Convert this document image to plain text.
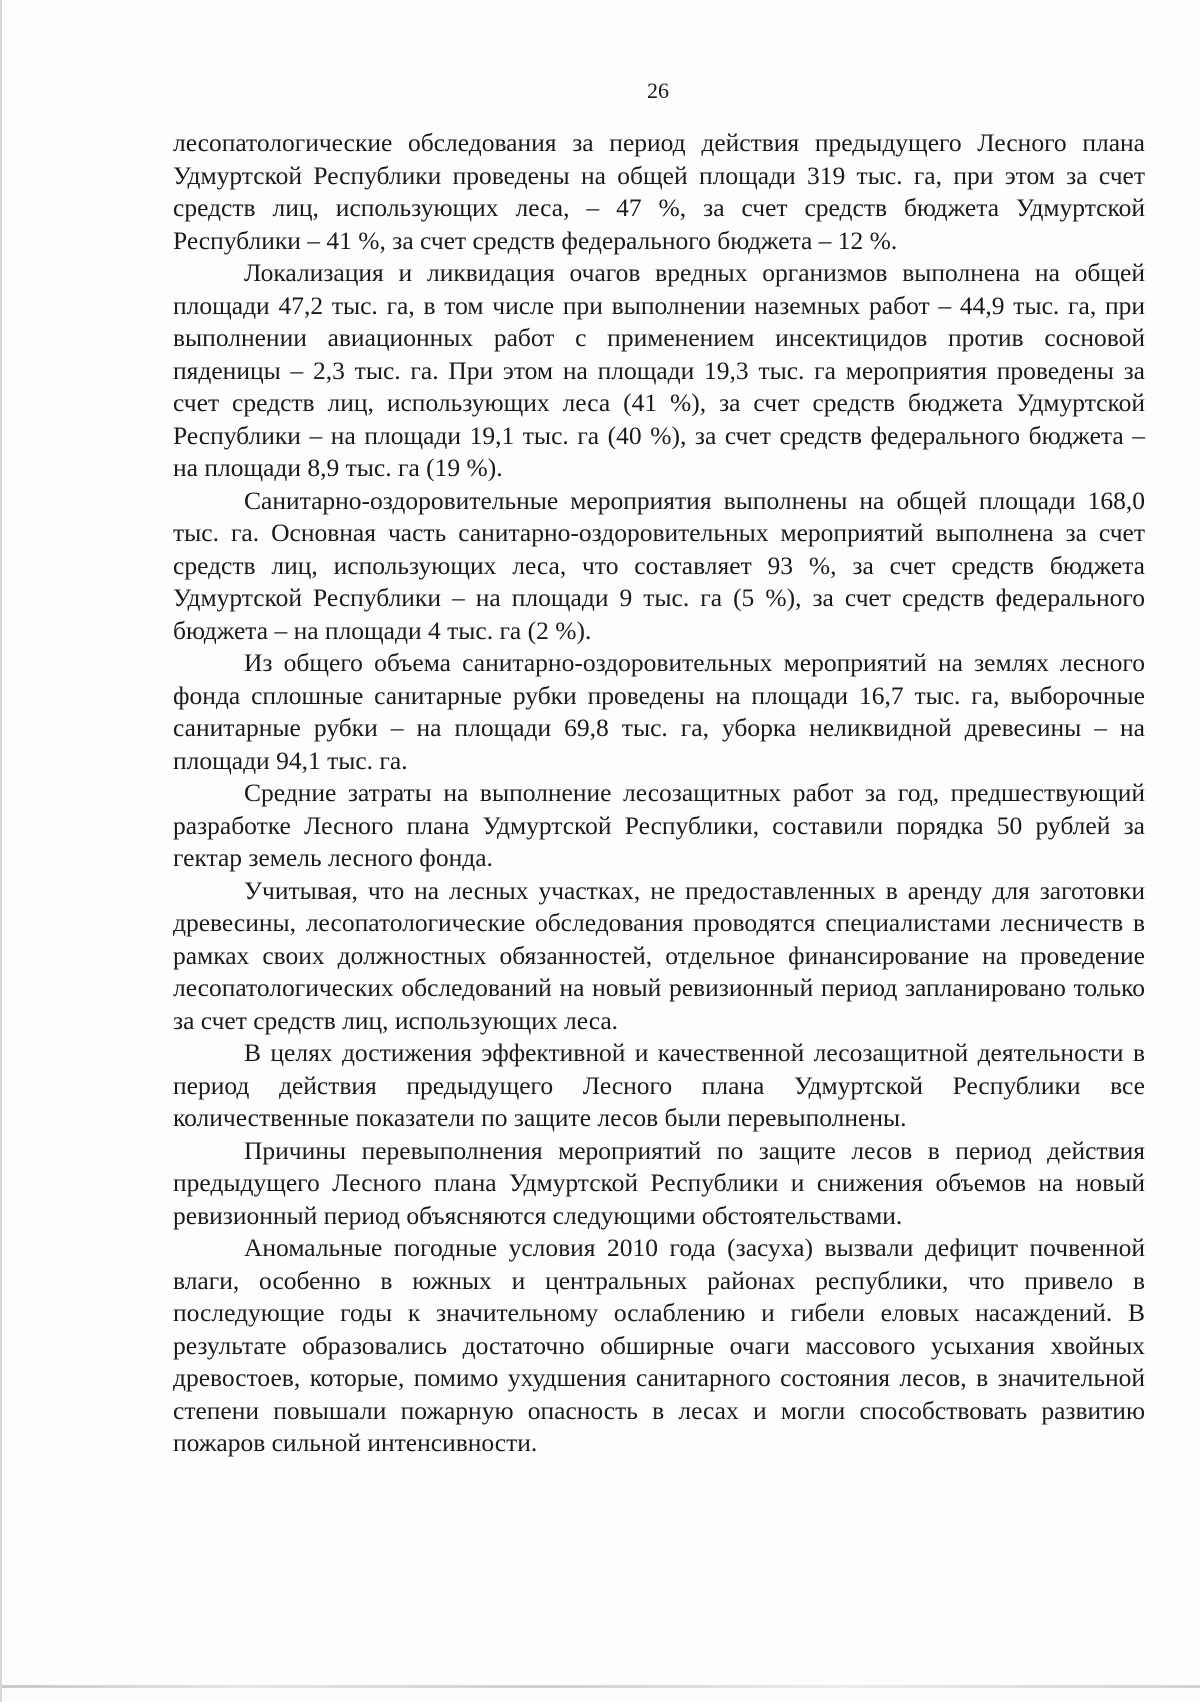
26

лесопатологические обследования за период действия предыдущего Лесного плана Удмуртской Республики проведены на общей площади 319 тыс. га, при этом за счет средств лиц, использующих леса, – 47 %, за счет средств бюджета Удмуртской Республики – 41 %, за счет средств федерального бюджета – 12 %.

Локализация и ликвидация очагов вредных организмов выполнена на общей площади 47,2 тыс. га, в том числе при выполнении наземных работ – 44,9 тыс. га, при выполнении авиационных работ с применением инсектицидов против сосновой пяденицы – 2,3 тыс. га. При этом на площади 19,3 тыс. га мероприятия проведены за счет средств лиц, использующих леса (41 %), за счет средств бюджета Удмуртской Республики – на площади 19,1 тыс. га (40 %), за счет средств федерального бюджета – на площади 8,9 тыс. га (19 %).

Санитарно-оздоровительные мероприятия выполнены на общей площади 168,0 тыс. га. Основная часть санитарно-оздоровительных мероприятий выполнена за счет средств лиц, использующих леса, что составляет 93 %, за счет средств бюджета Удмуртской Республики – на площади 9 тыс. га (5 %), за счет средств федерального бюджета – на площади 4 тыс. га (2 %).

Из общего объема санитарно-оздоровительных мероприятий на землях лесного фонда сплошные санитарные рубки проведены на площади 16,7 тыс. га, выборочные санитарные рубки – на площади 69,8 тыс. га, уборка неликвидной древесины – на площади 94,1 тыс. га.

Средние затраты на выполнение лесозащитных работ за год, предшествующий разработке Лесного плана Удмуртской Республики, составили порядка 50 рублей за гектар земель лесного фонда.

Учитывая, что на лесных участках, не предоставленных в аренду для заготовки древесины, лесопатологические обследования проводятся специалистами лесничеств в рамках своих должностных обязанностей, отдельное финансирование на проведение лесопатологических обследований на новый ревизионный период запланировано только за счет средств лиц, использующих леса.

В целях достижения эффективной и качественной лесозащитной деятельности в период действия предыдущего Лесного плана Удмуртской Республики все количественные показатели по защите лесов были перевыполнены.

Причины перевыполнения мероприятий по защите лесов в период действия предыдущего Лесного плана Удмуртской Республики и снижения объемов на новый ревизионный период объясняются следующими обстоятельствами.

Аномальные погодные условия 2010 года (засуха) вызвали дефицит почвенной влаги, особенно в южных и центральных районах республики, что привело в последующие годы к значительному ослаблению и гибели еловых насаждений. В результате образовались достаточно обширные очаги массового усыхания хвойных древостоев, которые, помимо ухудшения санитарного состояния лесов, в значительной степени повышали пожарную опасность в лесах и могли способствовать развитию пожаров сильной интенсивности.
